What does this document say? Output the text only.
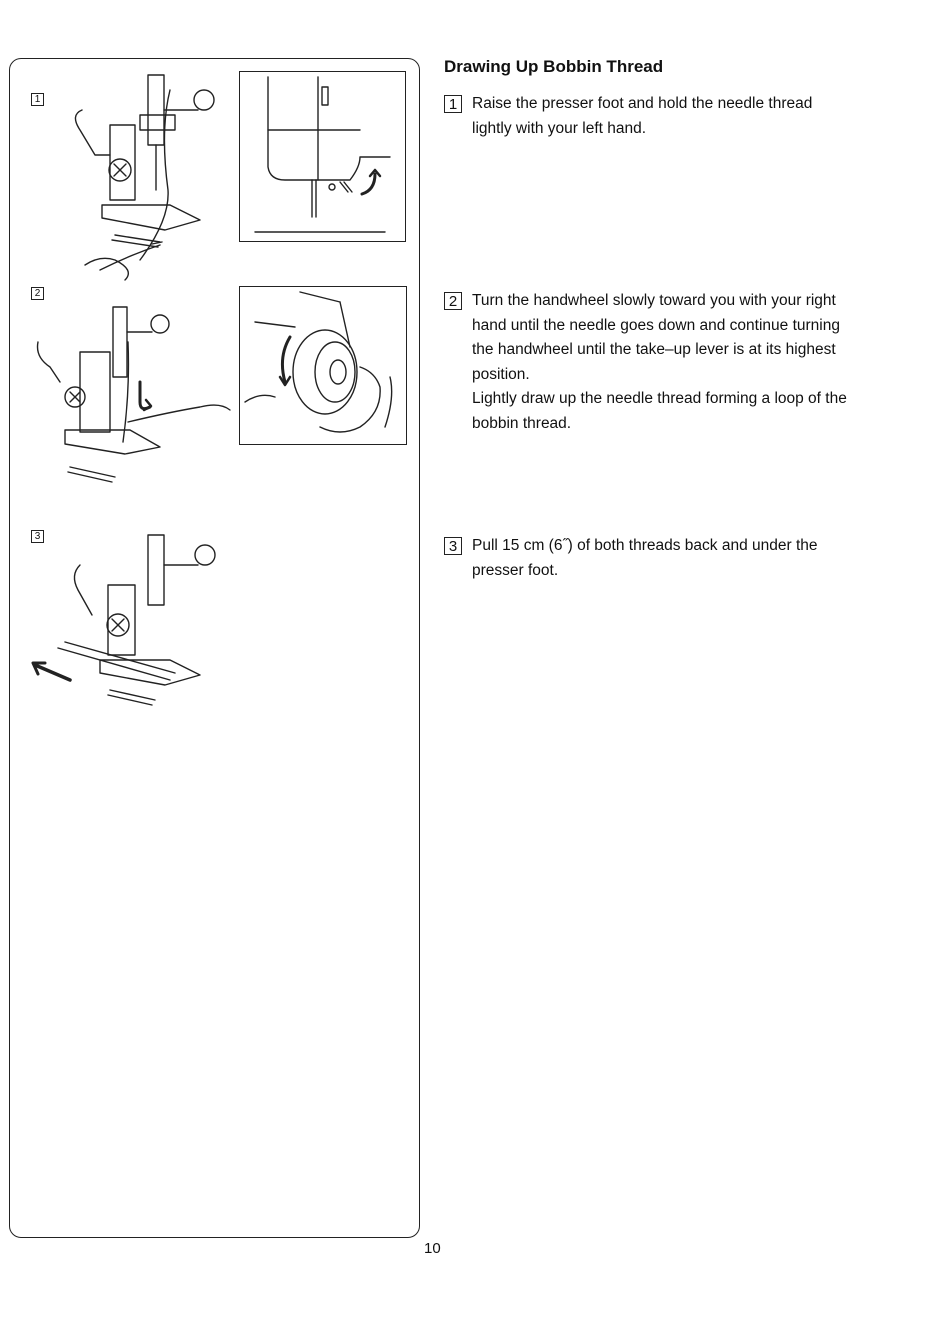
1
2
3
Drawing Up Bobbin Thread
1 Raise the presser foot and hold the needle thread lightly with your left hand.

2 Turn the handwheel slowly toward you with your right hand until the needle goes down and continue turning the handwheel until the take–up lever is at its highest position.

Lightly draw up the needle thread forming a loop of the bobbin thread.

3 Pull 15 cm (6˝) of both threads back and under the presser foot.

10
